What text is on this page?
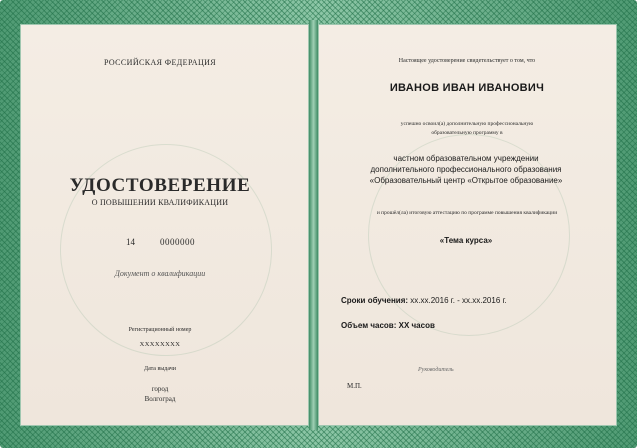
РОССИЙСКАЯ ФЕДЕРАЦИЯ
УДОСТОВЕРЕНИЕ
О ПОВЫШЕНИИ КВАЛИФИКАЦИИ
14	0000000
Документ о квалификации
Регистрационный номер
XXXXXXXX
Дата выдачи
город
Волгоград
Настоящее удостоверение свидетельствует о том, что
ИВАНОВ ИВАН ИВАНОВИЧ
успешно освоил(а) дополнительную профессиональную
образовательную программу в
частном образовательном учреждении
дополнительного профессионального образования
«Образовательный центр «Открытое образование»
и прошёл(ла) итоговую аттестацию по программе повышения квалификации
«Тема курса»
Сроки обучения: хх.хх.2016 г. - хх.хх.2016 г.
Объем часов: ХХ часов
Руководитель
М.П.
